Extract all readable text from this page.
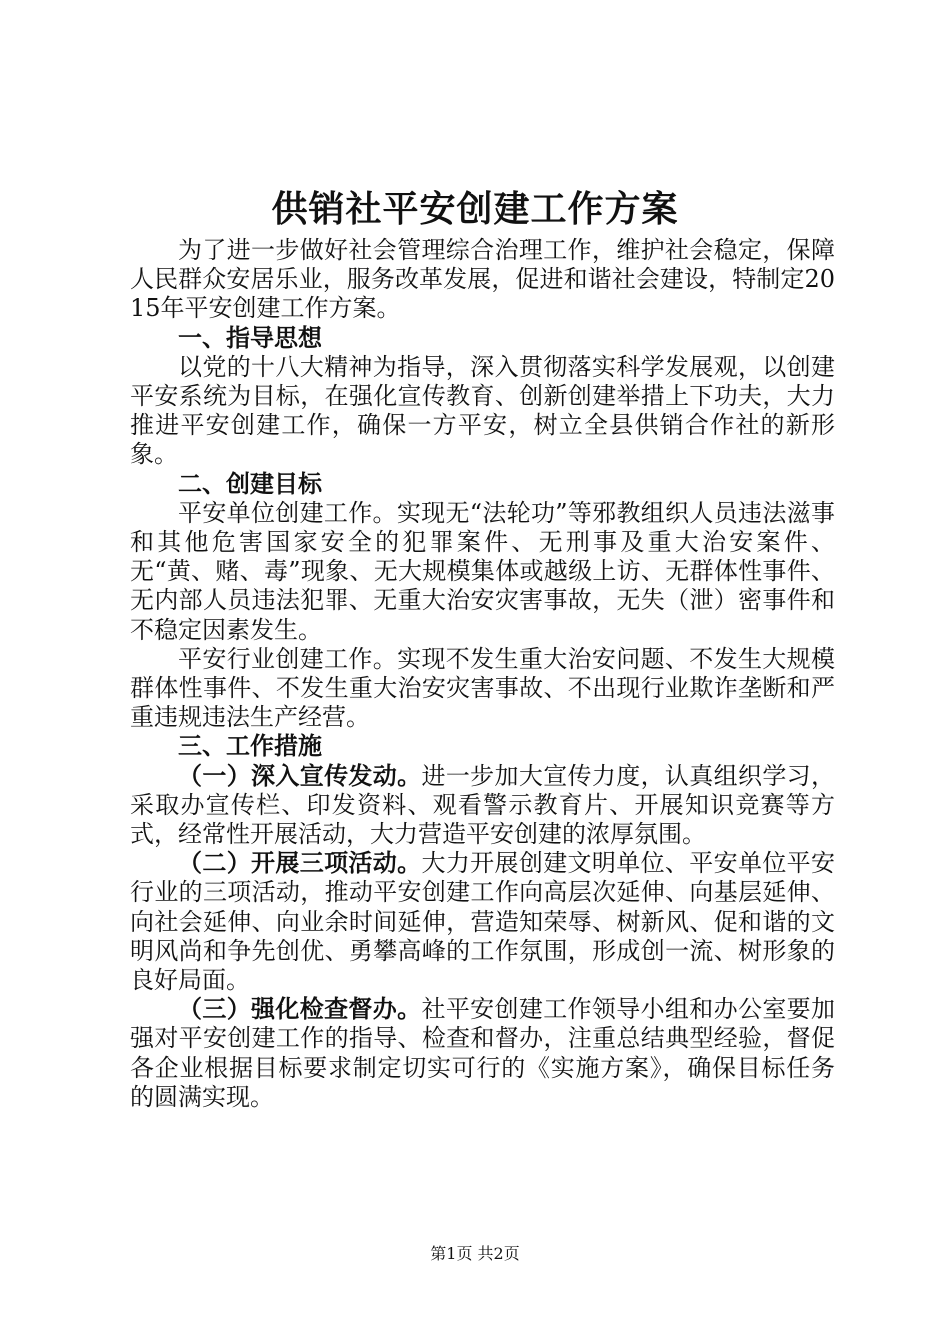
供销社平安创建工作方案

为了进一步做好社会管理综合治理工作，维护社会稳定，保障人民群众安居乐业，服务改革发展，促进和谐社会建设，特制定2015年平安创建工作方案。

一、指导思想

以党的十八大精神为指导，深入贯彻落实科学发展观，以创建平安系统为目标，在强化宣传教育、创新创建举措上下功夫，大力推进平安创建工作，确保一方平安，树立全县供销合作社的新形象。

二、创建目标

平安单位创建工作。实现无“法轮功”等邪教组织人员违法滋事和其他危害国家安全的犯罪案件、无刑事及重大治安案件、无“黄、赌、毒”现象、无大规模集体或越级上访、无群体性事件、无内部人员违法犯罪、无重大治安灾害事故，无失（泄）密事件和不稳定因素发生。

平安行业创建工作。实现不发生重大治安问题、不发生大规模群体性事件、不发生重大治安灾害事故、不出现行业欺诈垄断和严重违规违法生产经营。

三、工作措施

（一）深入宣传发动。进一步加大宣传力度，认真组织学习，采取办宣传栏、印发资料、观看警示教育片、开展知识竞赛等方式，经常性开展活动，大力营造平安创建的浓厚氛围。

（二）开展三项活动。大力开展创建文明单位、平安单位平安行业的三项活动，推动平安创建工作向高层次延伸、向基层延伸、向社会延伸、向业余时间延伸，营造知荣辱、树新风、促和谐的文明风尚和争先创优、勇攀高峰的工作氛围，形成创一流、树形象的良好局面。

（三）强化检查督办。社平安创建工作领导小组和办公室要加强对平安创建工作的指导、检查和督办，注重总结典型经验，督促各企业根据目标要求制定切实可行的《实施方案》，确保目标任务的圆满实现。

第1页 共2页
